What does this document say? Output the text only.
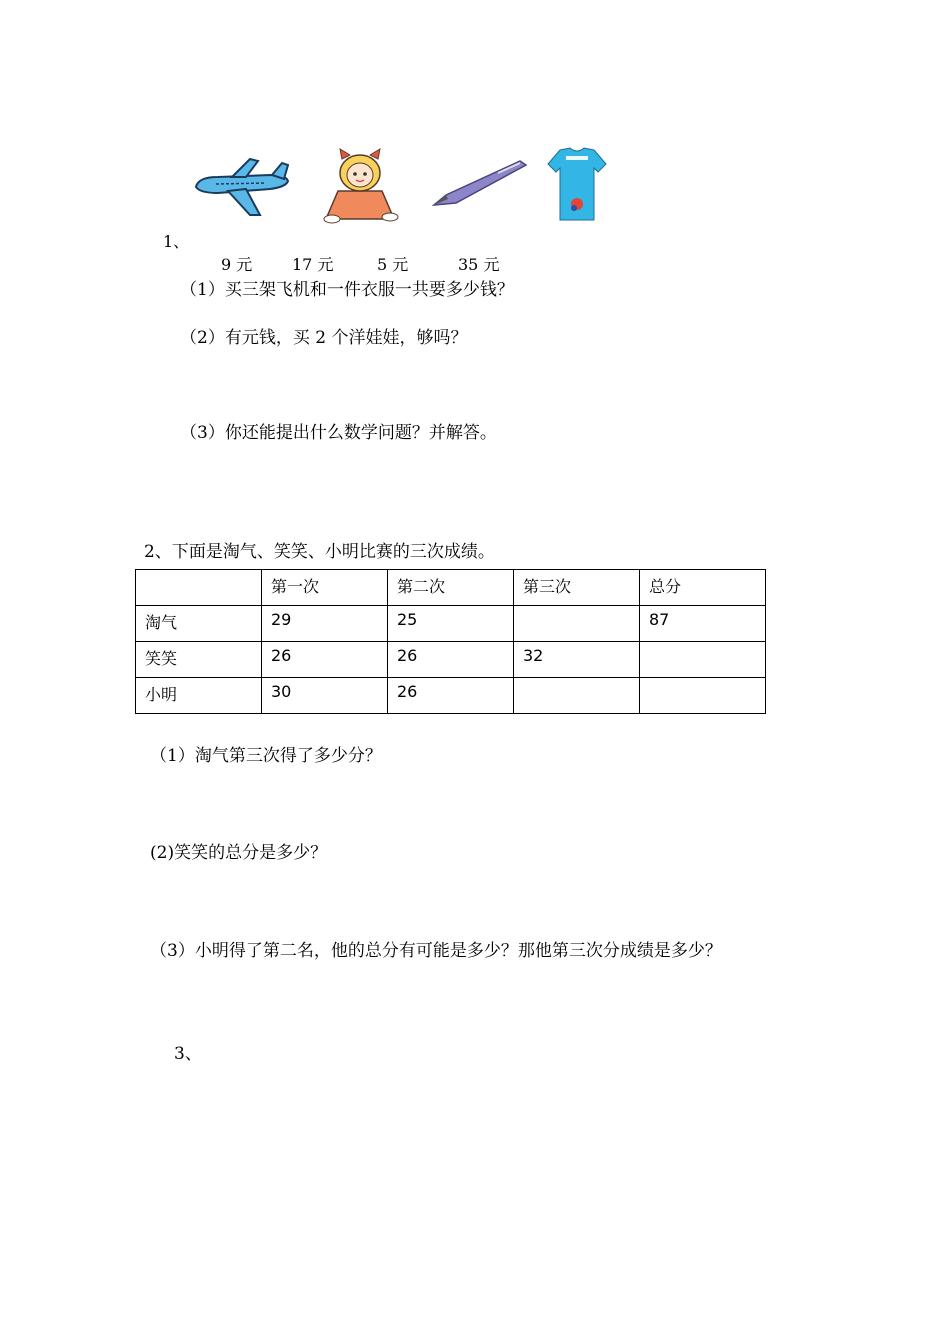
1、
9 元 17 元	5 元	35 元
（1）买三架飞机和一件衣服一共要多少钱？
（2）有元钱，买 2 个洋娃娃，够吗？
（3）你还能提出什么数学问题？并解答。
2、下面是淘气、笑笑、小明比赛的三次成绩。
	第一次	第二次	第三次	总分
淘气	29	25		87
笑笑	26	26	32	
小明	30	26		
（1）淘气第三次得了多少分？
(2)笑笑的总分是多少？
（3）小明得了第二名，他的总分有可能是多少？那他第三次分成绩是多少？
3、
